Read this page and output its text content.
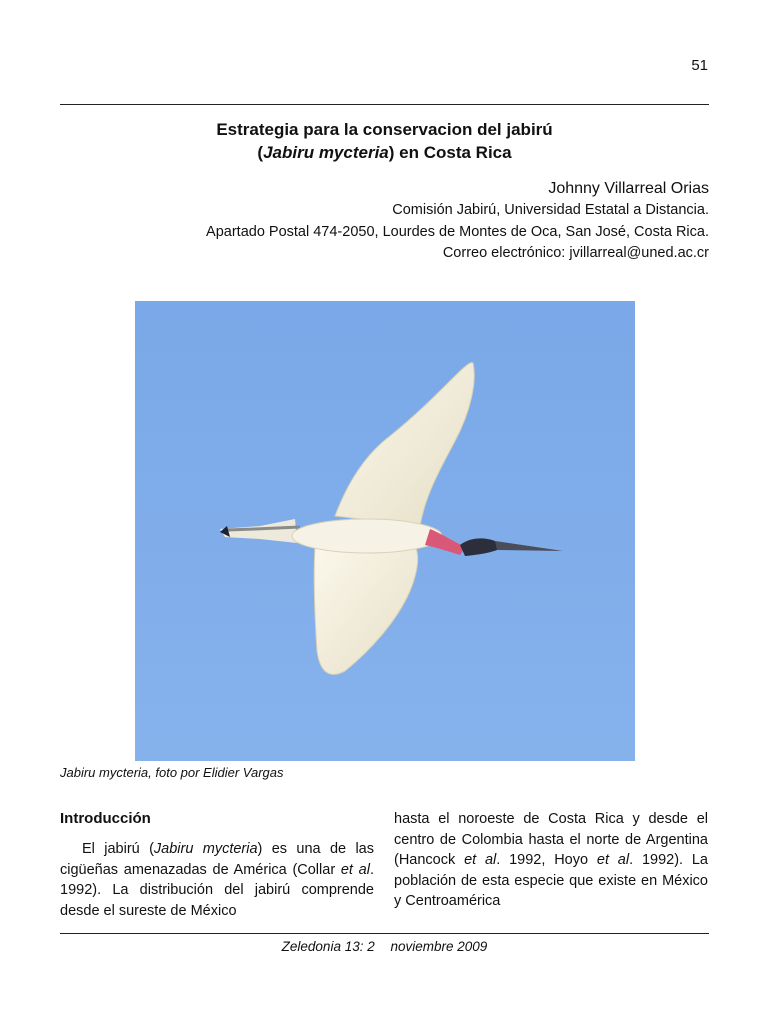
51
Estrategia para la conservacion del jabirú
(Jabiru mycteria) en Costa Rica
Johnny Villarreal Orias
Comisión Jabirú, Universidad Estatal a Distancia.
Apartado Postal 474-2050, Lourdes de Montes de Oca, San José, Costa Rica.
Correo electrónico: jvillarreal@uned.ac.cr
Jabiru mycteria, foto por Elidier Vargas
Introducción

El jabirú (Jabiru mycteria) es una de las cigüeñas amenazadas de América (Collar et al. 1992). La distribución del jabirú comprende desde el sureste de México

hasta el noroeste de Costa Rica y desde el centro de Colombia hasta el norte de Argentina (Hancock et al. 1992, Hoyo et al. 1992). La población de esta especie que existe en México y Centroamérica

Zeledonia 13: 2 noviembre 2009
